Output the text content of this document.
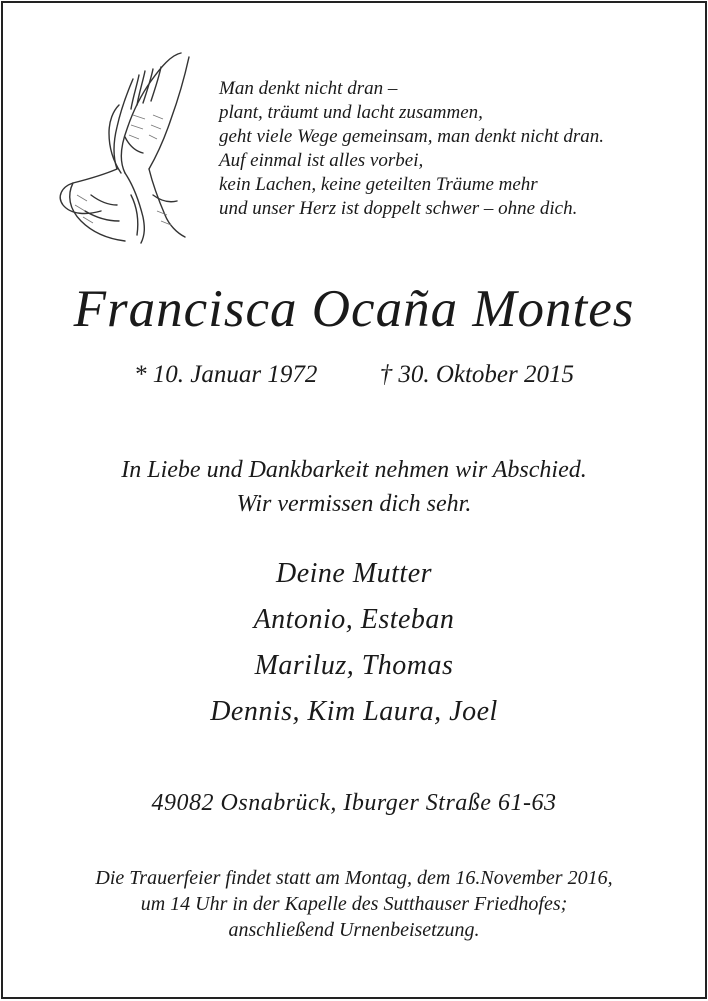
Man denkt nicht dran –
plant, träumt und lacht zusammen,
geht viele Wege gemeinsam, man denkt nicht dran.
Auf einmal ist alles vorbei,
kein Lachen, keine geteilten Träume mehr
und unser Herz ist doppelt schwer – ohne dich.
Francisca Ocaña Montes
* 10. Januar 1972 † 30. Oktober 2015
In Liebe und Dankbarkeit nehmen wir Abschied.
Wir vermissen dich sehr.
Deine Mutter
Antonio, Esteban
Mariluz, Thomas
Dennis, Kim Laura, Joel
49082 Osnabrück, Iburger Straße 61-63
Die Trauerfeier findet statt am Montag, dem 16.November 2016,
um 14 Uhr in der Kapelle des Sutthauser Friedhofes;
anschließend Urnenbeisetzung.
